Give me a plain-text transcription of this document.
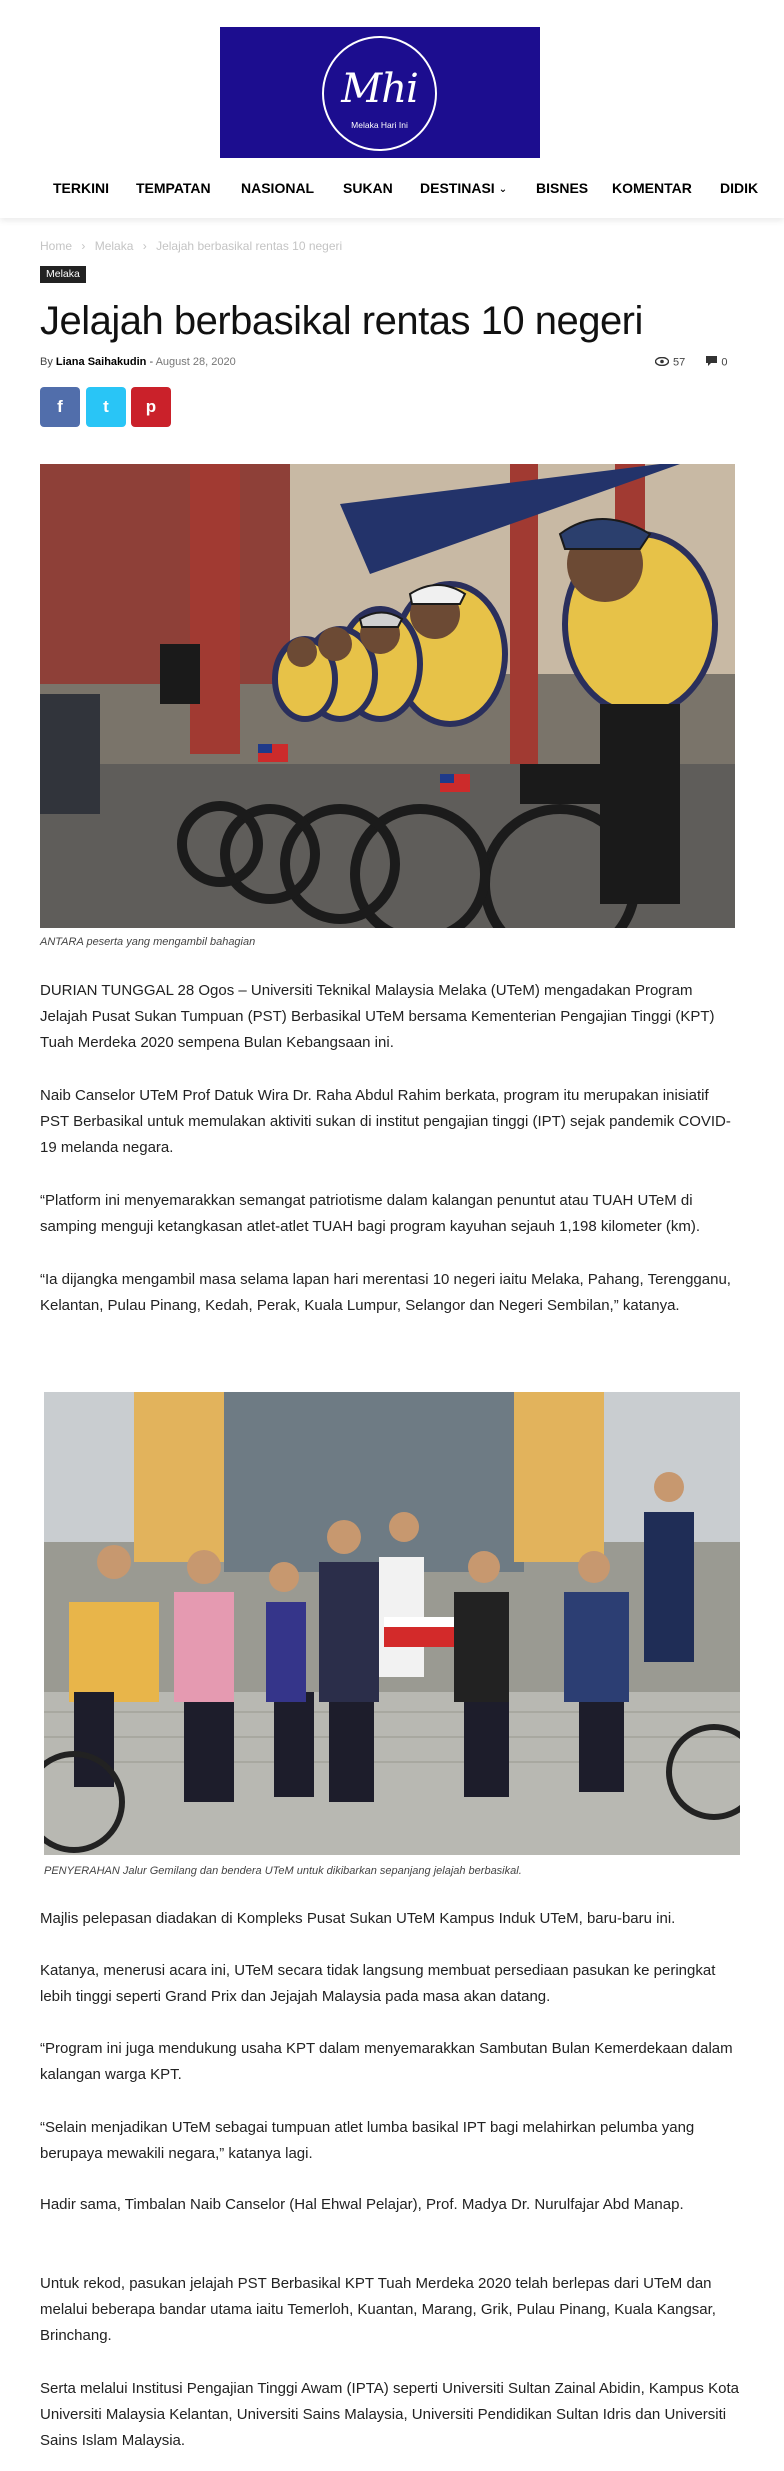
Mhi
Melaka Hari Ini
TERKINI TEMPATAN NASIONAL SUKAN DESTINASI ⌄ BISNES KOMENTAR DIDIK
Home › Melaka › Jelajah berbasikal rentas 10 negeri
Melaka
Jelajah berbasikal rentas 10 negeri
By Liana Saihakudin - August 28, 2020	57	0
f	t	p
ANTARA peserta yang mengambil bahagian

DURIAN TUNGGAL 28 Ogos – Universiti Teknikal Malaysia Melaka (UTeM) mengadakan Program Jelajah Pusat Sukan Tumpuan (PST) Berbasikal UTeM bersama Kementerian Pengajian Tinggi (KPT) Tuah Merdeka 2020 sempena Bulan Kebangsaan ini.

Naib Canselor UTeM Prof Datuk Wira Dr. Raha Abdul Rahim berkata, program itu merupakan inisiatif PST Berbasikal untuk memulakan aktiviti sukan di institut pengajian tinggi (IPT) sejak pandemik COVID-19 melanda negara.

“Platform ini menyemarakkan semangat patriotisme dalam kalangan penuntut atau TUAH UTeM di samping menguji ketangkasan atlet-atlet TUAH bagi program kayuhan sejauh 1,198 kilometer (km).

“Ia dijangka mengambil masa selama lapan hari merentasi 10 negeri iaitu Melaka, Pahang, Terengganu, Kelantan, Pulau Pinang, Kedah, Perak, Kuala Lumpur, Selangor dan Negeri Sembilan,” katanya.

PENYERAHAN Jalur Gemilang dan bendera UTeM untuk dikibarkan sepanjang jelajah berbasikal.

Majlis pelepasan diadakan di Kompleks Pusat Sukan UTeM Kampus Induk UTeM, baru-baru ini.

Katanya, menerusi acara ini, UTeM secara tidak langsung membuat persediaan pasukan ke peringkat lebih tinggi seperti Grand Prix dan Jejajah Malaysia pada masa akan datang.

“Program ini juga mendukung usaha KPT dalam menyemarakkan Sambutan Bulan Kemerdekaan dalam kalangan warga KPT.

“Selain menjadikan UTeM sebagai tumpuan atlet lumba basikal IPT bagi melahirkan pelumba yang berupaya mewakili negara,” katanya lagi.

Hadir sama, Timbalan Naib Canselor (Hal Ehwal Pelajar), Prof. Madya Dr. Nurulfajar Abd Manap.

Untuk rekod, pasukan jelajah PST Berbasikal KPT Tuah Merdeka 2020 telah berlepas dari UTeM dan melalui beberapa bandar utama iaitu Temerloh, Kuantan, Marang, Grik, Pulau Pinang, Kuala Kangsar, Brinchang.

Serta melalui Institusi Pengajian Tinggi Awam (IPTA) seperti Universiti Sultan Zainal Abidin, Kampus Kota Universiti Malaysia Kelantan, Universiti Sains Malaysia, Universiti Pendidikan Sultan Idris dan Universiti Sains Islam Malaysia.
